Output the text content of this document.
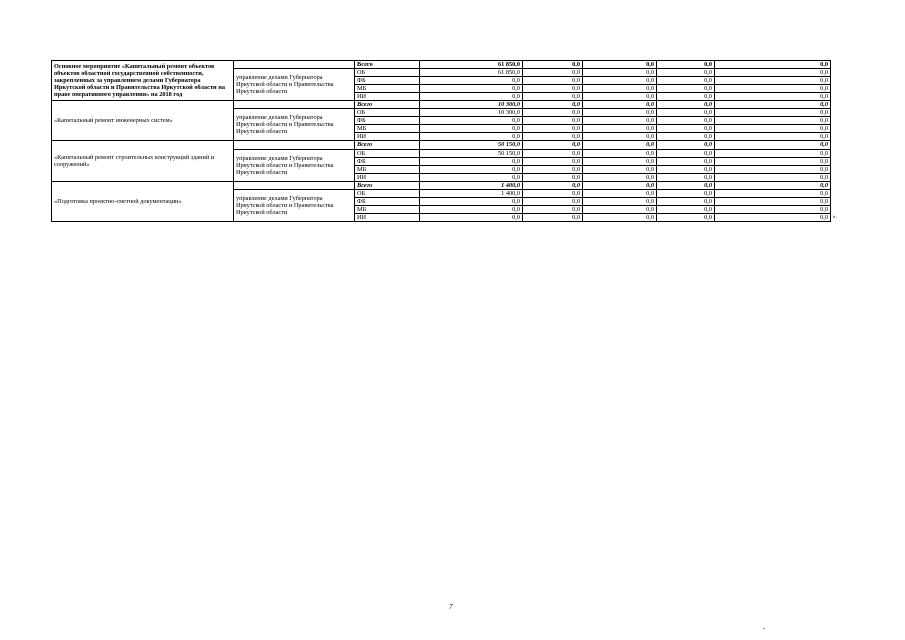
Основное мероприятие «Капитальный ремонт объектов объектов областной государственной собственности, закрепленных за управлением делами Губернатора Иркутской области и Правительства Иркутской области на праве оперативного управления» на 2018 год		Всего	61 850,0	0,0	0,0	0,0	0,0
	управление делами Губернатора Иркутской области и Правительства Иркутской области	ОБ	61 850,0	0,0	0,0	0,0	0,0
		ФБ	0,0	0,0	0,0	0,0	0,0
		МБ	0,0	0,0	0,0	0,0	0,0
		ИИ	0,0	0,0	0,0	0,0	0,0
«Капитальный ремонт инженерных систем»		Всего	10 300,0	0,0	0,0	0,0	0,0
	управление делами Губернатора Иркутской области и Правительства Иркутской области	ОБ	10 300,0	0,0	0,0	0,0	0,0
		ФБ	0,0	0,0	0,0	0,0	0,0
		МБ	0,0	0,0	0,0	0,0	0,0
		ИИ	0,0	0,0	0,0	0,0	0,0
«Капитальный ремонт строительных конструкций зданий и сооружений»		Всего	50 150,0	0,0	0,0	0,0	0,0
	управление делами Губернатора Иркутской области и Правительства Иркутской области	ОБ	50 150,0	0,0	0,0	0,0	0,0
		ФБ	0,0	0,0	0,0	0,0	0,0
		МБ	0,0	0,0	0,0	0,0	0,0
		ИИ	0,0	0,0	0,0	0,0	0,0
«Подготовка проектно-сметной документации»		Всего	1 400,0	0,0	0,0	0,0	0,0
	управление делами Губернатора Иркутской области и Правительства Иркутской области	ОБ	1 400,0	0,0	0,0	0,0	0,0
		ФБ	0,0	0,0	0,0	0,0	0,0
		МБ	0,0	0,0	0,0	0,0	0,0
		ИИ	0,0	0,0	0,0	0,0	0,0 ».
7
